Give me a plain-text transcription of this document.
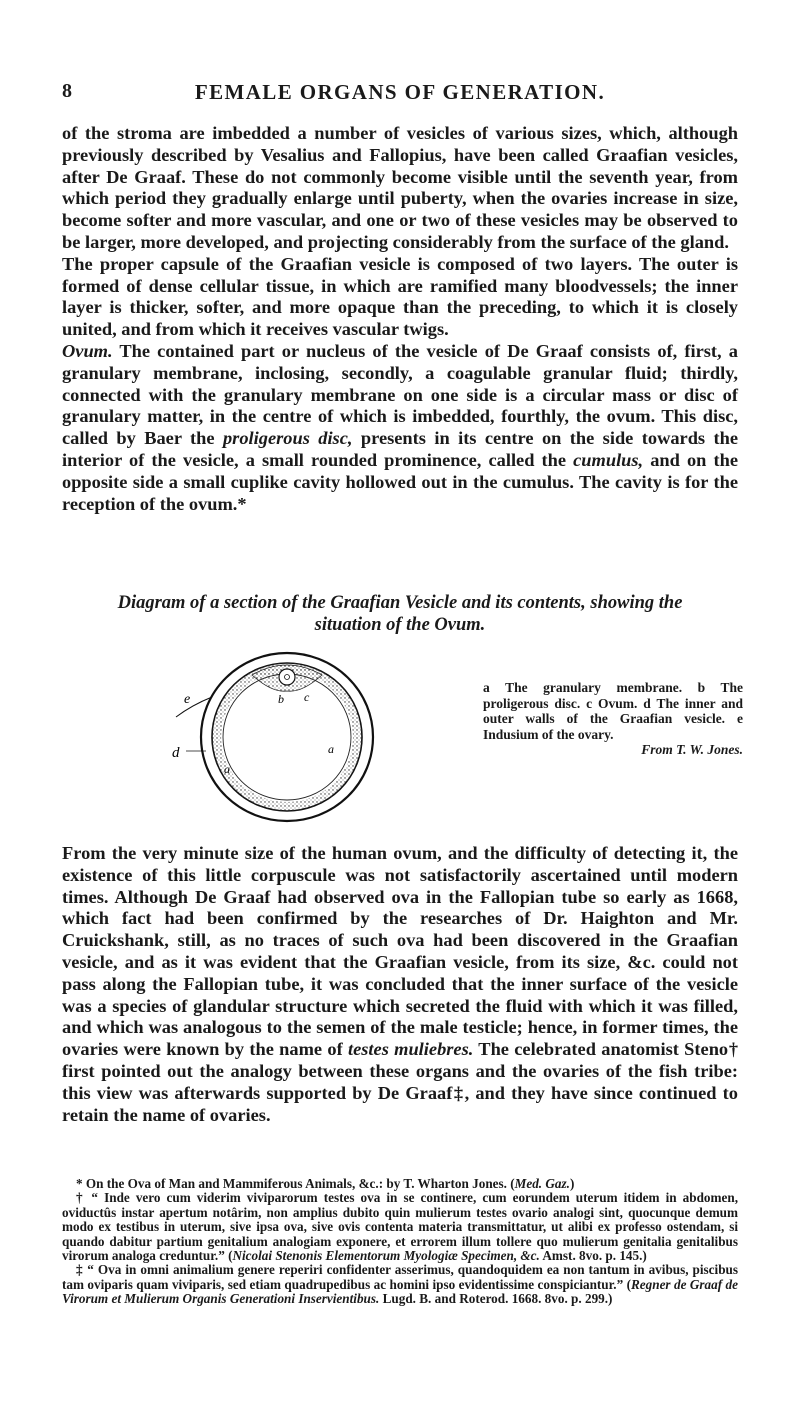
8	FEMALE ORGANS OF GENERATION.

of the stroma are imbedded a number of vesicles of various sizes, which, although previously described by Vesalius and Fallopius, have been called Graafian vesicles, after De Graaf. These do not commonly become visible until the seventh year, from which period they gradually enlarge until puberty, when the ovaries increase in size, become softer and more vascular, and one or two of these vesicles may be observed to be larger, more developed, and projecting considerably from the surface of the gland.

The proper capsule of the Graafian vesicle is composed of two layers. The outer is formed of dense cellular tissue, in which are ramified many bloodvessels; the inner layer is thicker, softer, and more opaque than the preceding, to which it is closely united, and from which it receives vascular twigs.

Ovum. The contained part or nucleus of the vesicle of De Graaf consists of, first, a granulary membrane, inclosing, secondly, a coagulable granular fluid; thirdly, connected with the granulary membrane on one side is a circular mass or disc of granulary matter, in the centre of which is imbedded, fourthly, the ovum. This disc, called by Baer the proligerous disc, presents in its centre on the side towards the interior of the vesicle, a small rounded prominence, called the cumulus, and on the opposite side a small cuplike cavity hollowed out in the cumulus. The cavity is for the reception of the ovum.*

Diagram of a section of the Graafian Vesicle and its contents, showing the situation of the Ovum.
e
d
a
a
b c
a The granulary membrane. b The proligerous disc. c Ovum. d The inner and outer walls of the Graafian vesicle. e Indusium of the ovary.
From T. W. Jones.

From the very minute size of the human ovum, and the difficulty of detecting it, the existence of this little corpuscule was not satisfactorily ascertained until modern times. Although De Graaf had observed ova in the Fallopian tube so early as 1668, which fact had been confirmed by the researches of Dr. Haighton and Mr. Cruickshank, still, as no traces of such ova had been discovered in the Graafian vesicle, and as it was evident that the Graafian vesicle, from its size, &c. could not pass along the Fallopian tube, it was concluded that the inner surface of the vesicle was a species of glandular structure which secreted the fluid with which it was filled, and which was analogous to the semen of the male testicle; hence, in former times, the ovaries were known by the name of testes muliebres. The celebrated anatomist Steno† first pointed out the analogy between these organs and the ovaries of the fish tribe: this view was afterwards supported by De Graaf‡, and they have since continued to retain the name of ovaries.

* On the Ova of Man and Mammiferous Animals, &c.: by T. Wharton Jones. (Med. Gaz.)

† “ Inde vero cum viderim viviparorum testes ova in se continere, cum eorundem uterum itidem in abdomen, oviductûs instar apertum notârim, non amplius dubito quin mulierum testes ovario analogi sint, quocunque demum modo ex testibus in uterum, sive ipsa ova, sive ovis contenta materia transmittatur, ut alibi ex professo ostendam, si quando dabitur partium genitalium analogiam exponere, et errorem illum tollere quo mulierum genitalia genitalibus virorum analoga creduntur.” (Nicolai Stenonis Elementorum Myologiæ Specimen, &c. Amst. 8vo. p. 145.)

‡ “ Ova in omni animalium genere reperiri confidenter asserimus, quandoquidem ea non tantum in avibus, piscibus tam oviparis quam viviparis, sed etiam quadrupedibus ac homini ipso evidentissime conspiciantur.” (Regner de Graaf de Virorum et Mulierum Organis Generationi Inservientibus. Lugd. B. and Roterod. 1668. 8vo. p. 299.)
